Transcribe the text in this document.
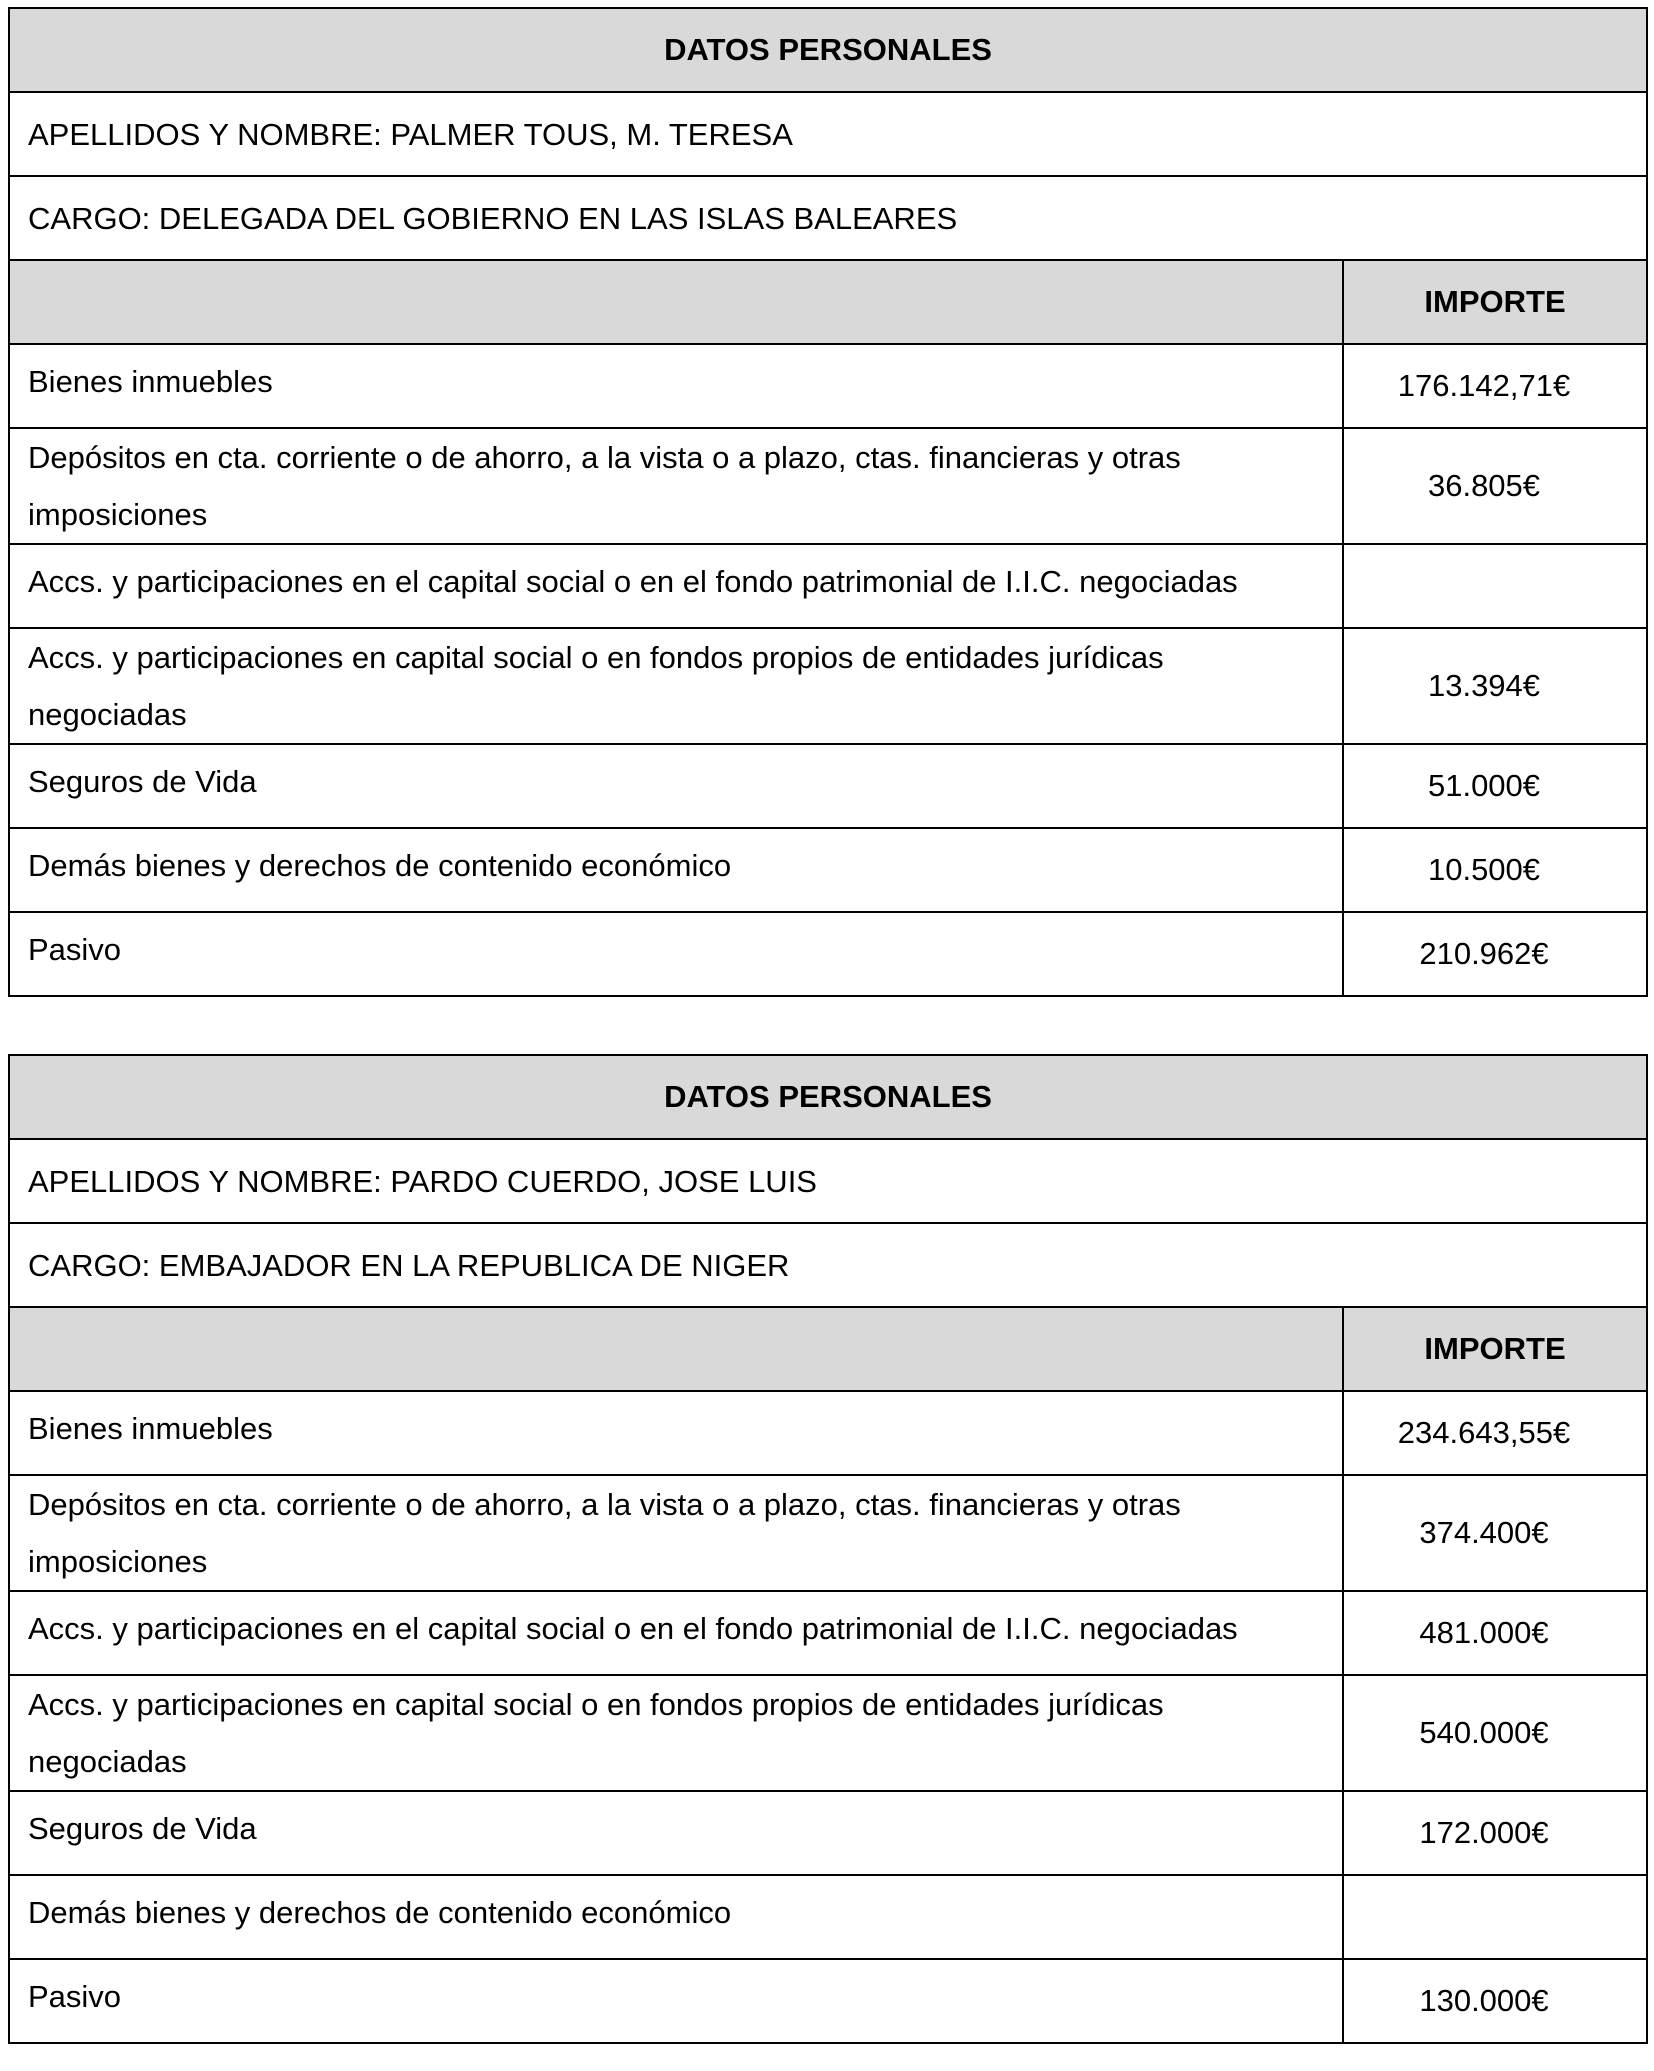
DATOS PERSONALES	
APELLIDOS Y NOMBRE: PALMER TOUS, M. TERESA	
CARGO: DELEGADA DEL GOBIERNO EN LAS ISLAS BALEARES	
	IMPORTE
Bienes inmuebles	176.142,71€
Depósitos en cta. corriente o de ahorro, a la vista o a plazo, ctas. financieras y otras imposiciones	36.805€
Accs. y participaciones en el capital social o en el fondo patrimonial de I.I.C. negociadas	
Accs. y participaciones en capital social o en fondos propios de entidades jurídicas negociadas	13.394€
Seguros de Vida	51.000€
Demás bienes y derechos de contenido económico	10.500€
Pasivo	210.962€
DATOS PERSONALES	
APELLIDOS Y NOMBRE: PARDO CUERDO, JOSE LUIS	
CARGO: EMBAJADOR EN LA REPUBLICA DE NIGER	
	IMPORTE
Bienes inmuebles	234.643,55€
Depósitos en cta. corriente o de ahorro, a la vista o a plazo, ctas. financieras y otras imposiciones	374.400€
Accs. y participaciones en el capital social o en el fondo patrimonial de I.I.C. negociadas	481.000€
Accs. y participaciones en capital social o en fondos propios de entidades jurídicas negociadas	540.000€
Seguros de Vida	172.000€
Demás bienes y derechos de contenido económico	
Pasivo	130.000€
